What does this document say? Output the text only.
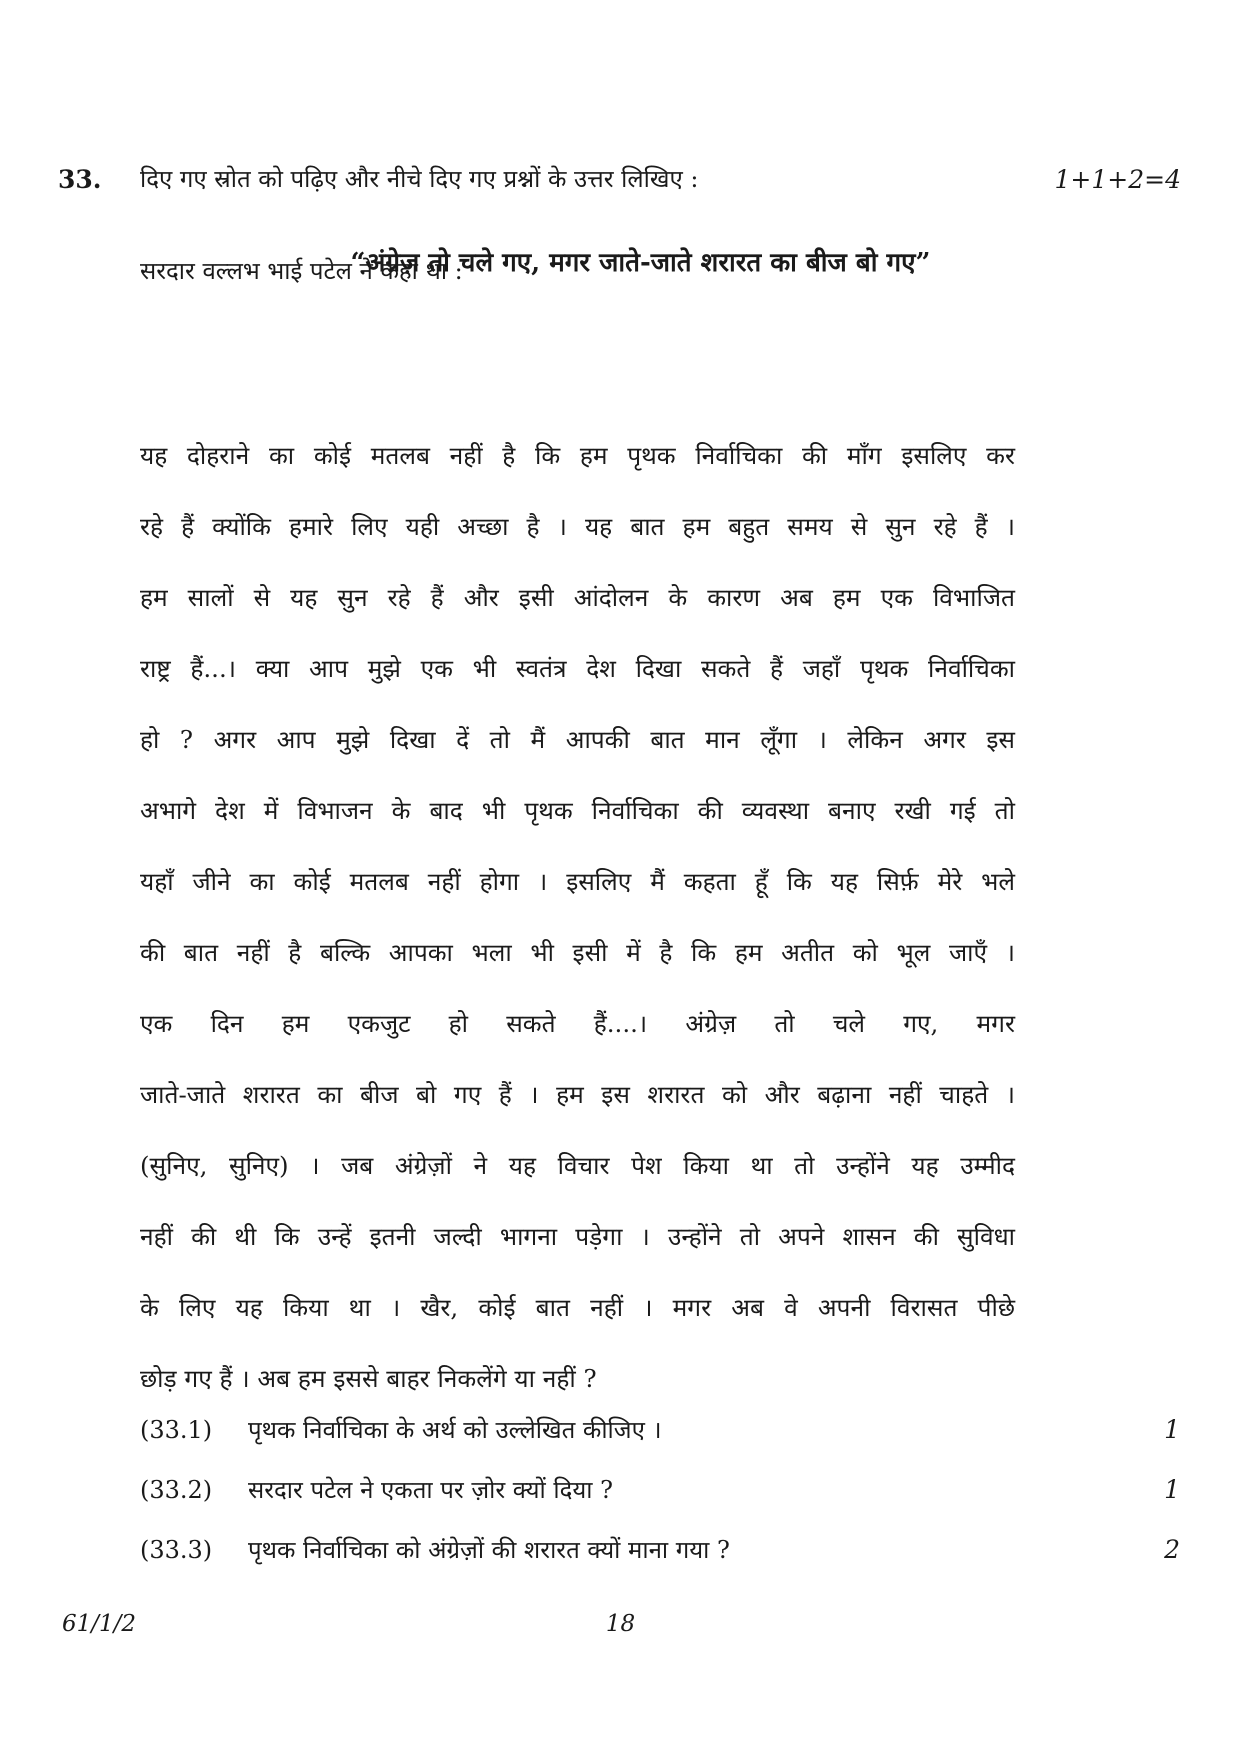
33. दिए गए स्रोत को पढ़िए और नीचे दिए गए प्रश्नों के उत्तर लिखिए :	1+1+2=4
“अंग्रेज़ तो चले गए, मगर जाते-जाते शरारत का बीज बो गए”
सरदार वल्लभ भाई पटेल ने कहा था :
यह दोहराने का कोई मतलब नहीं है कि हम पृथक निर्वाचिका की माँग इसलिए कर
रहे हैं क्योंकि हमारे लिए यही अच्छा है । यह बात हम बहुत समय से सुन रहे हैं ।
हम सालों से यह सुन रहे हैं और इसी आंदोलन के कारण अब हम एक विभाजित
राष्ट्र हैं...। क्या आप मुझे एक भी स्वतंत्र देश दिखा सकते हैं जहाँ पृथक निर्वाचिका
हो ? अगर आप मुझे दिखा दें तो मैं आपकी बात मान लूँगा । लेकिन अगर इस
अभागे देश में विभाजन के बाद भी पृथक निर्वाचिका की व्यवस्था बनाए रखी गई तो
यहाँ जीने का कोई मतलब नहीं होगा । इसलिए मैं कहता हूँ कि यह सिर्फ़ मेरे भले
की बात नहीं है बल्कि आपका भला भी इसी में है कि हम अतीत को भूल जाएँ ।
एक दिन हम एकजुट हो सकते हैं....। अंग्रेज़ तो चले गए, मगर
जाते-जाते शरारत का बीज बो गए हैं । हम इस शरारत को और बढ़ाना नहीं चाहते ।
(सुनिए, सुनिए) । जब अंग्रेज़ों ने यह विचार पेश किया था तो उन्होंने यह उम्मीद
नहीं की थी कि उन्हें इतनी जल्दी भागना पड़ेगा । उन्होंने तो अपने शासन की सुविधा
के लिए यह किया था । खैर, कोई बात नहीं । मगर अब वे अपनी विरासत पीछे
छोड़ गए हैं । अब हम इससे बाहर निकलेंगे या नहीं ?
(33.1)	पृथक निर्वाचिका के अर्थ को उल्लेखित कीजिए ।	1
(33.2)	सरदार पटेल ने एकता पर ज़ोर क्यों दिया ?	1
(33.3)	पृथक निर्वाचिका को अंग्रेज़ों की शरारत क्यों माना गया ?	2
61/1/2	18
